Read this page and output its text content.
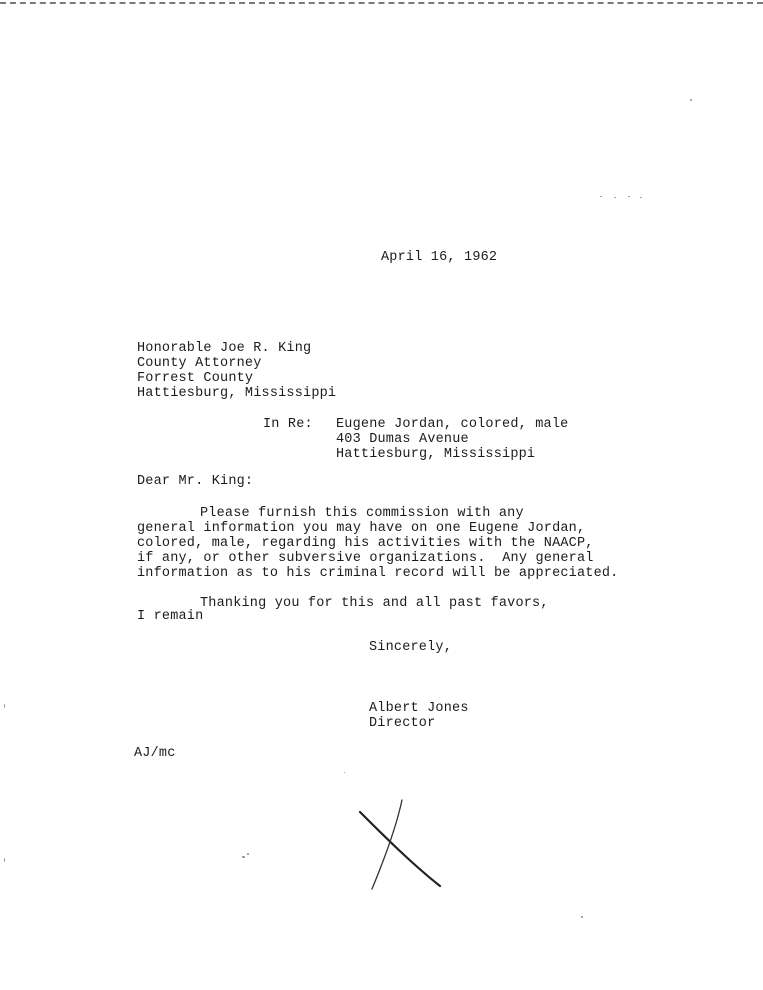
April 16, 1962
Honorable Joe R. King
County Attorney
Forrest County
Hattiesburg, Mississippi
In Re: Eugene Jordan, colored, male
403 Dumas Avenue
Hattiesburg, Mississippi
Dear Mr. King:
Please furnish this commission with any
general information you may have on one Eugene Jordan,
colored, male, regarding his activities with the NAACP,
if any, or other subversive organizations.  Any general
information as to his criminal record will be appreciated.
Thanking you for this and all past favors,
I remain
Sincerely,
Albert Jones
Director
AJ/mc
